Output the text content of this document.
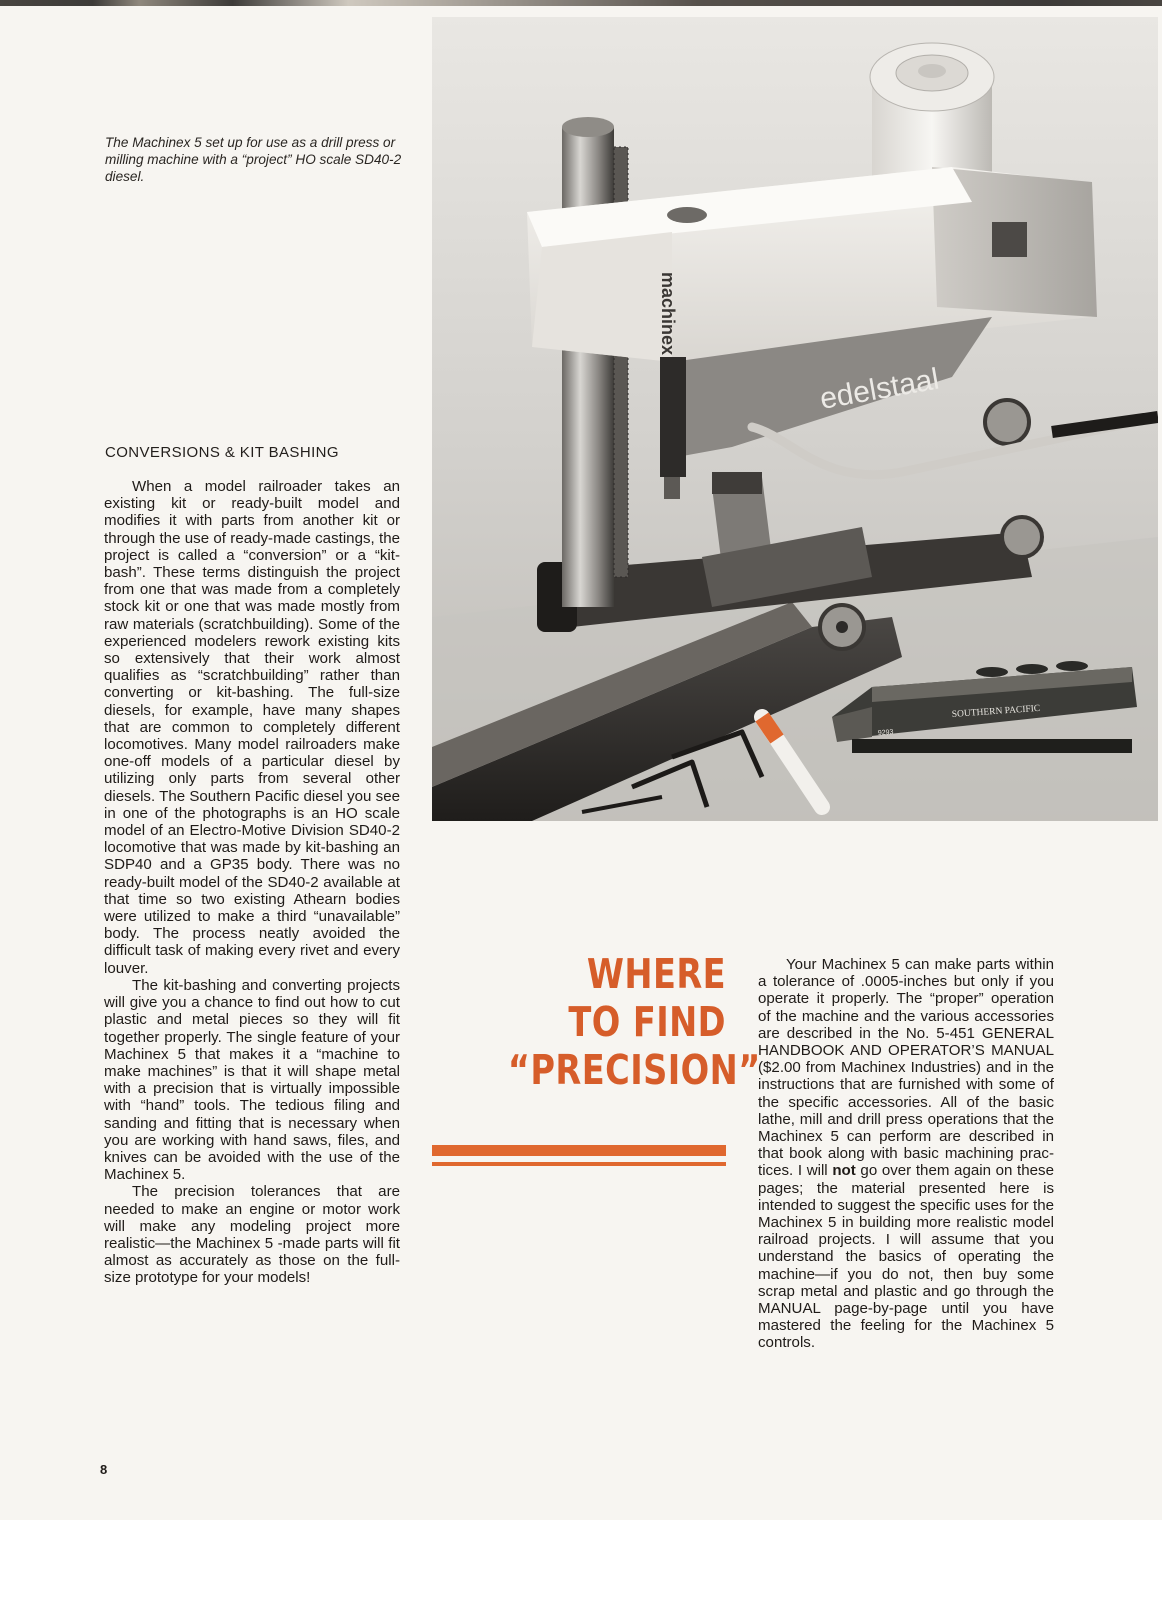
The Machinex 5 set up for use as a drill press or milling machine with a “project” HO scale SD40-2 diesel.

edelstaal
machinex
SOUTHERN PACIFIC
9293
CONVERSIONS & KIT BASHING

When a model railroader takes an existing kit or ready-built model and modifies it with parts from another kit or through the use of ready-made castings, the project is called a “conversion” or a “kit-bash”. These terms distinguish the project from one that was made from a completely stock kit or one that was made mostly from raw materials (scratchbuilding). Some of the experienced modelers rework existing kits so extensively that their work almost qualifies as “scratchbuilding” rather than converting or kit-bashing. The full-size diesels, for example, have many shapes that are common to completely different locomotives. Many model railroaders make one-off models of a particular diesel by utilizing only parts from several other diesels. The Southern Pacific diesel you see in one of the photographs is an HO scale model of an Electro-Motive Division SD40-2 locomotive that was made by kit-bashing an SDP40 and a GP35 body. There was no ready-built model of the SD40-2 available at that time so two existing Athearn bodies were utilized to make a third “unavailable” body. The process neatly avoided the difficult task of making every rivet and every louver.

The kit-bashing and converting projects will give you a chance to find out how to cut plastic and metal pieces so they will fit together properly. The single feature of your Machinex 5 that makes it a “machine to make machines” is that it will shape metal with a precision that is virtually impossible with “hand” tools. The tedious filing and sanding and fitting that is necessary when you are working with hand saws, files, and knives can be avoided with the use of the Machinex 5.

The precision tolerances that are needed to make an engine or motor work will make any modeling project more realistic—the Machinex 5 -made parts will fit almost as accurately as those on the full-size prototype for your models!

WHERE
TO FIND
“PRECISION”

Your Machinex 5 can make parts within a tolerance of .0005-inches but only if you operate it properly. The “proper” operation of the machine and the various accessories are described in the No. 5-451 GENERAL HANDBOOK AND OPERATOR’S MANUAL ($2.00 from Machinex Industries) and in the instructions that are furnished with some of the specific accessories. All of the basic lathe, mill and drill press operations that the Machinex 5 can perform are described in that book along with basic machining practices. I will not go over them again on these pages; the material presented here is intended to suggest the specific uses for the Machinex 5 in building more realistic model railroad projects. I will assume that you understand the basics of operating the machine—if you do not, then buy some scrap metal and plastic and go through the MANUAL page-by-page until you have mastered the feeling for the Machinex 5 controls.

8
